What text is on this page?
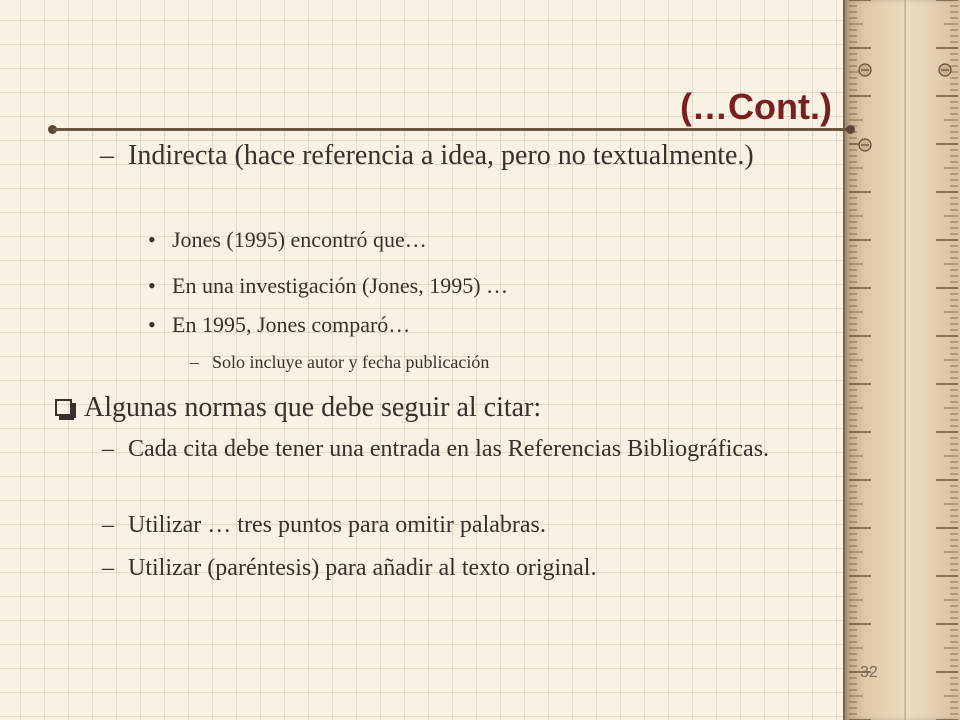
(…Cont.)

– Indirecta (hace referencia a idea, pero no textualmente.)

• Jones (1995) encontró que…

• En una investigación (Jones, 1995) …

• En 1995, Jones comparó…

– Solo incluye autor y fecha publicación

Algunas normas que debe seguir al citar:

– Cada cita debe tener una entrada en las Referencias Bibliográficas.

– Utilizar … tres puntos para omitir palabras.

– Utilizar (paréntesis) para añadir al texto original.

32
